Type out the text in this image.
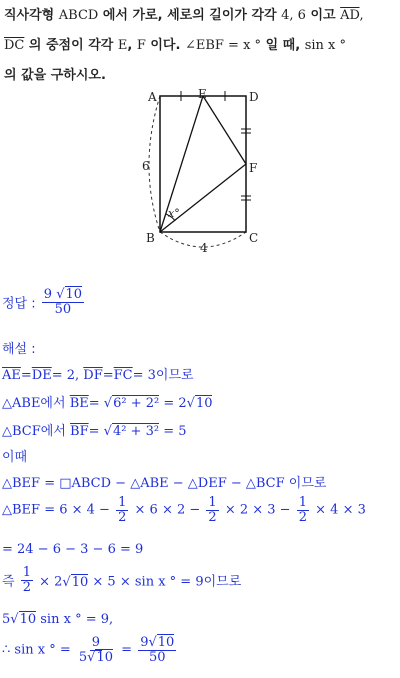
직사각형 ABCD 에서 가로, 세로의 길이가 각각 4, 6 이고 $\overline{AD}$,
$\overline{DC}$ 의 중점이 각각 E, F 이다. ∠EBF = x ° 일 때, sin x °
의 값을 구하시오.
A	E	D
F
B	C
6
4
x°
정답 : $\frac{9 √ 10}{50}$
해설 :
$\overline{AE}=\overline{DE}= 2$, $\overline{DF}=\overline{FC}= 3$이므로
△ABE에서 $\overline{BE}=$ √ 6² + 2² = 2 √ 10
△BCF에서 $\overline{BF}=$ √ 4² + 3² = 5
이때
△BEF = □ABCD − △ABE − △DEF − △BCF 이므로
△BEF = $6 \times 4 - \frac{1}{2} \times 6 \times 2 - \frac{1}{2} \times 2 \times 3 - \frac{1}{2} \times 4 \times 3$
= 24 − 6 − 3 − 6 = 9
즉 $\frac{1}{2} \times 2$ √ 10 × 5 × sin x ° = 9이므로
5 √ 10 sin x ° = 9,
∴ sin x ° = $\frac{9}{5 √ 10} = \frac{9 √ 10}{50}$
